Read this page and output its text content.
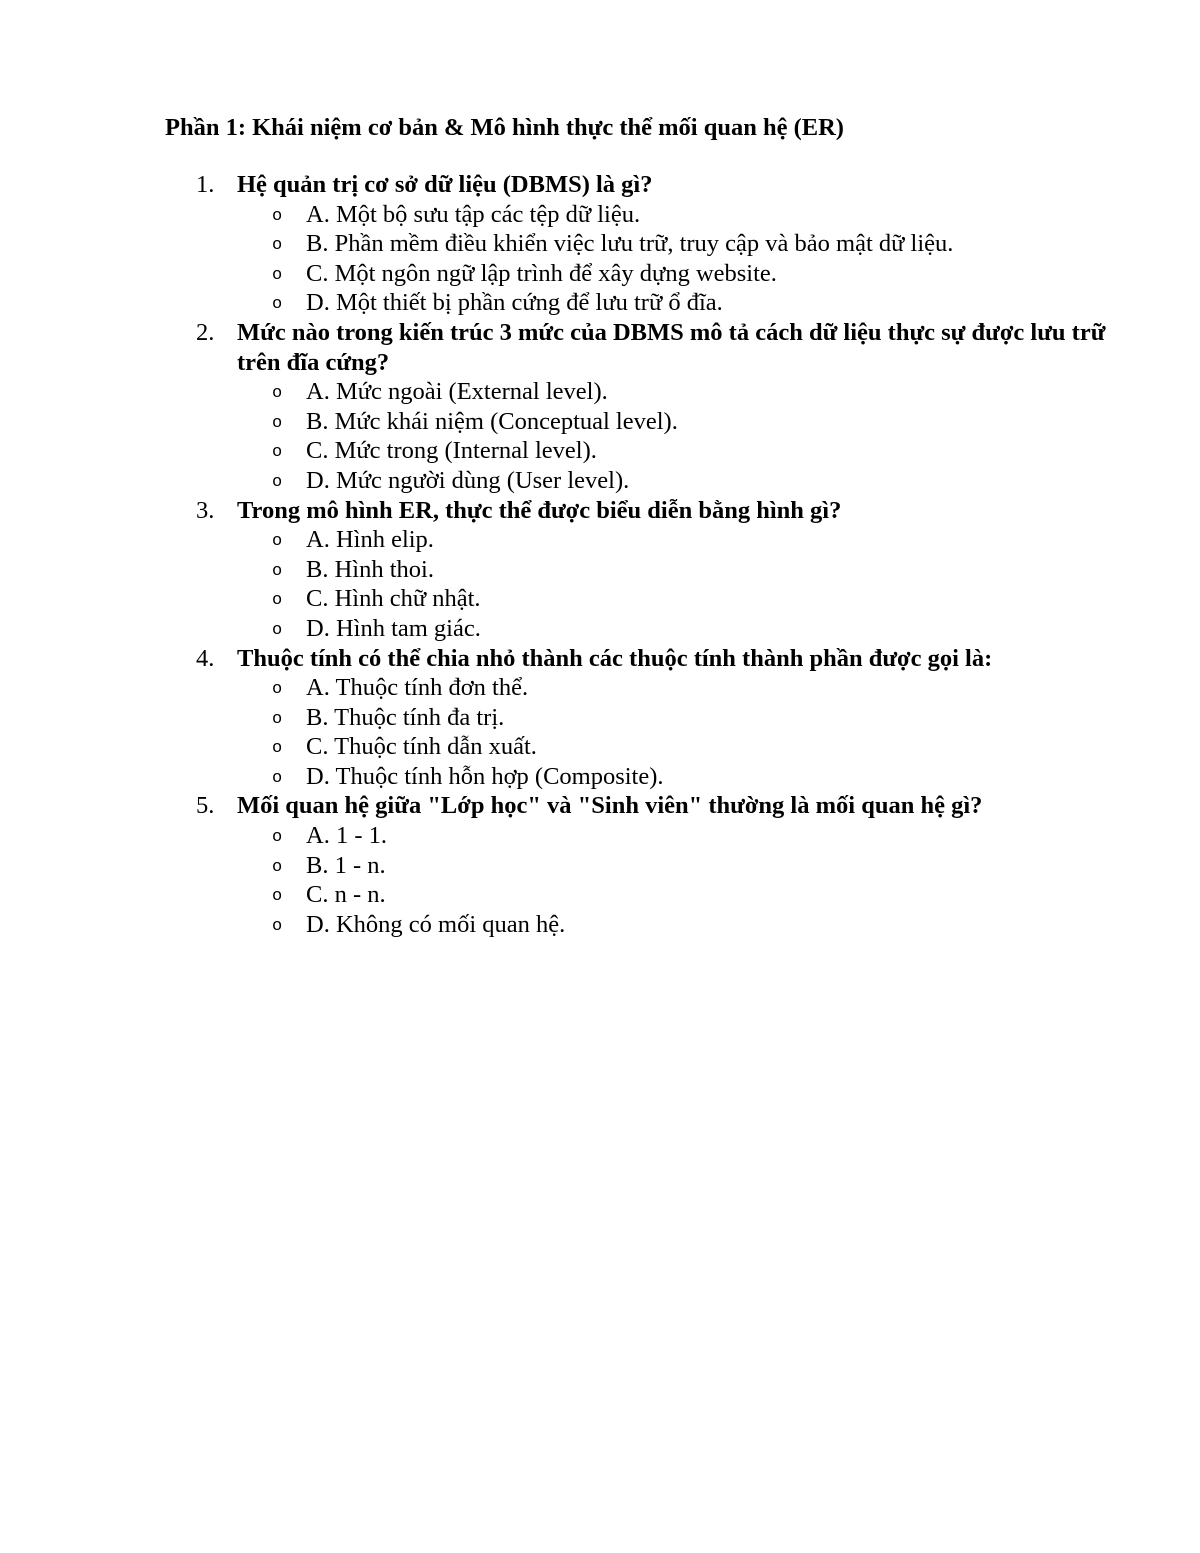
Phần 1: Khái niệm cơ bản & Mô hình thực thể mối quan hệ (ER)
1. Hệ quản trị cơ sở dữ liệu (DBMS) là gì?
o A. Một bộ sưu tập các tệp dữ liệu.
o B. Phần mềm điều khiển việc lưu trữ, truy cập và bảo mật dữ liệu.
o C. Một ngôn ngữ lập trình để xây dựng website.
o D. Một thiết bị phần cứng để lưu trữ ổ đĩa.
2. Mức nào trong kiến trúc 3 mức của DBMS mô tả cách dữ liệu thực sự được lưu trữ trên đĩa cứng?
o A. Mức ngoài (External level).
o B. Mức khái niệm (Conceptual level).
o C. Mức trong (Internal level).
o D. Mức người dùng (User level).
3. Trong mô hình ER, thực thể được biểu diễn bằng hình gì?
o A. Hình elip.
o B. Hình thoi.
o C. Hình chữ nhật.
o D. Hình tam giác.
4. Thuộc tính có thể chia nhỏ thành các thuộc tính thành phần được gọi là:
o A. Thuộc tính đơn thể.
o B. Thuộc tính đa trị.
o C. Thuộc tính dẫn xuất.
o D. Thuộc tính hỗn hợp (Composite).
5. Mối quan hệ giữa "Lớp học" và "Sinh viên" thường là mối quan hệ gì?
o A. 1 - 1.
o B. 1 - n.
o C. n - n.
o D. Không có mối quan hệ.
